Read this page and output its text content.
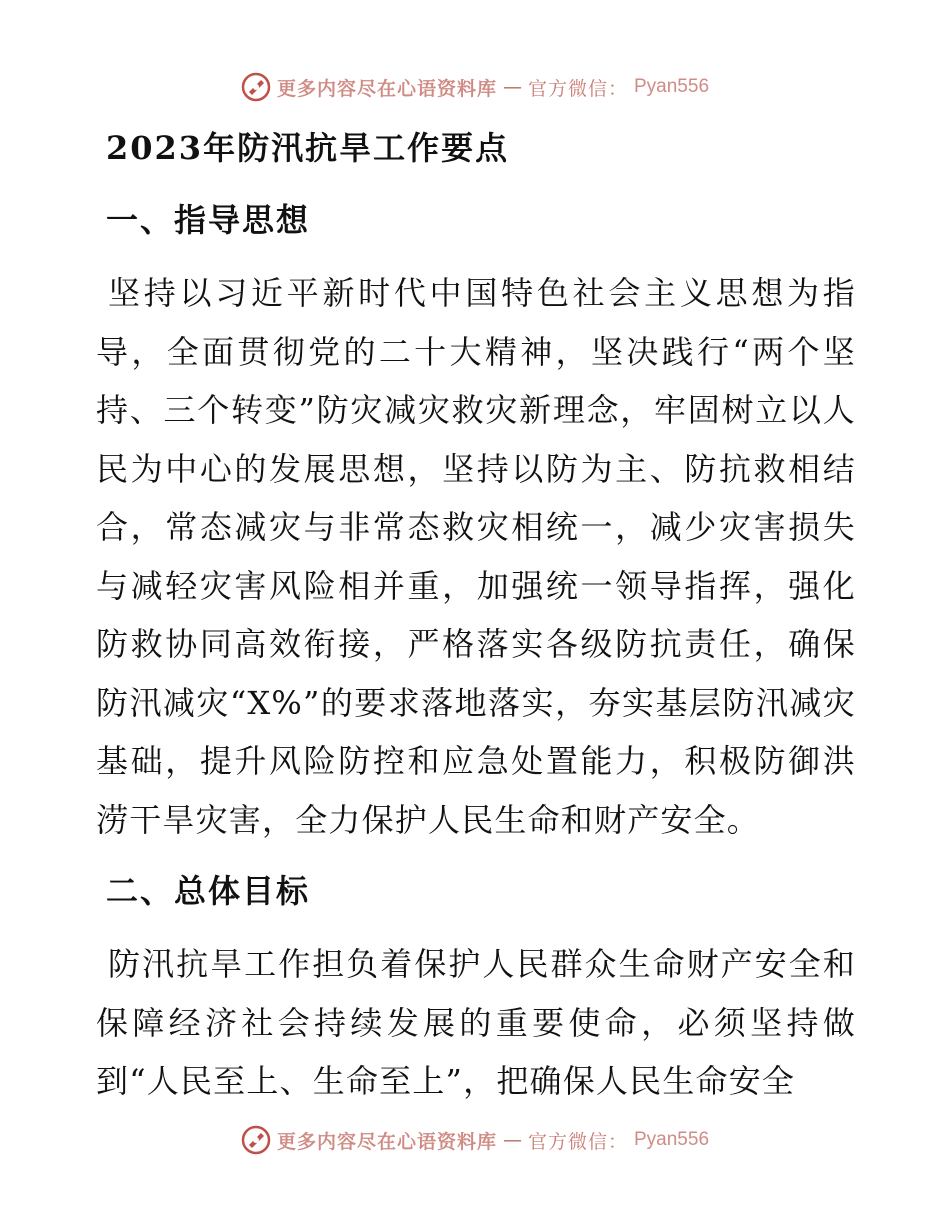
更多内容尽在心语资料库 — 官方微信： Pyan556
2023年防汛抗旱工作要点
一、指导思想

坚持以习近平新时代中国特色社会主义思想为指导，全面贯彻党的二十大精神，坚决践行“两个坚持、三个转变”防灾减灾救灾新理念，牢固树立以人民为中心的发展思想，坚持以防为主、防抗救相结合，常态减灾与非常态救灾相统一，减少灾害损失与减轻灾害风险相并重，加强统一领导指挥，强化防救协同高效衔接，严格落实各级防抗责任，确保防汛减灾“X%”的要求落地落实，夯实基层防汛减灾基础，提升风险防控和应急处置能力，积极防御洪涝干旱灾害，全力保护人民生命和财产安全。

二、总体目标

防汛抗旱工作担负着保护人民群众生命财产安全和保障经济社会持续发展的重要使命，必须坚持做到“人民至上、生命至上”，把确保人民生命安全

更多内容尽在心语资料库 — 官方微信： Pyan556
